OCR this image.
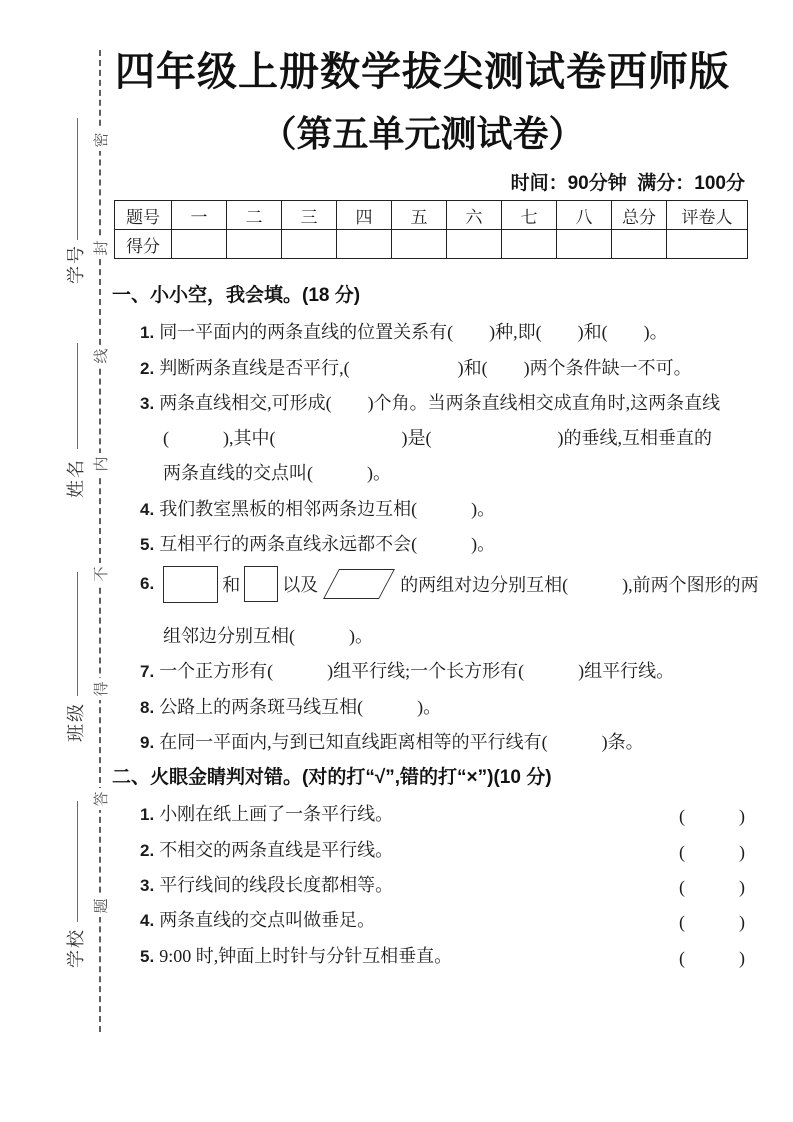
密
封
线
内
不
得
答
题
学号
姓名
班级
学校
四年级上册数学拔尖测试卷西师版
（第五单元测试卷）
时间：90分钟  满分：100分
题号	一	二	三	四	五	六	七	八	总分	评卷人
得分										
一、小小空，我会填。(18 分)
1. 同一平面内的两条直线的位置关系有(　　)种,即(　　)和(　　)。
2. 判断两条直线是否平行,(　　　　　　)和(　　)两个条件缺一不可。
3. 两条直线相交,可形成(　　)个角。当两条直线相交成直角时,这两条直线
(　　　),其中(　　　　　　　)是(　　　　　　　)的垂线,互相垂直的
两条直线的交点叫(　　　)。
4. 我们教室黑板的相邻两条边互相(　　　)。
5. 互相平行的两条直线永远都不会(　　　)。
6.	和 以及	的两组对边分别互相(　　　),前两个图形的两
组邻边分别互相(　　　)。
7. 一个正方形有(　　　)组平行线;一个长方形有(　　　)组平行线。
8. 公路上的两条斑马线互相(　　　)。
9. 在同一平面内,与到已知直线距离相等的平行线有(　　　)条。
二、火眼金睛判对错。(对的打“√”,错的打“×”)(10 分)
1. 小刚在纸上画了一条平行线。	(　　　)
2. 不相交的两条直线是平行线。	(　　　)
3. 平行线间的线段长度都相等。	(　　　)
4. 两条直线的交点叫做垂足。	(　　　)
5. 9:00 时,钟面上时针与分针互相垂直。	(　　　)
